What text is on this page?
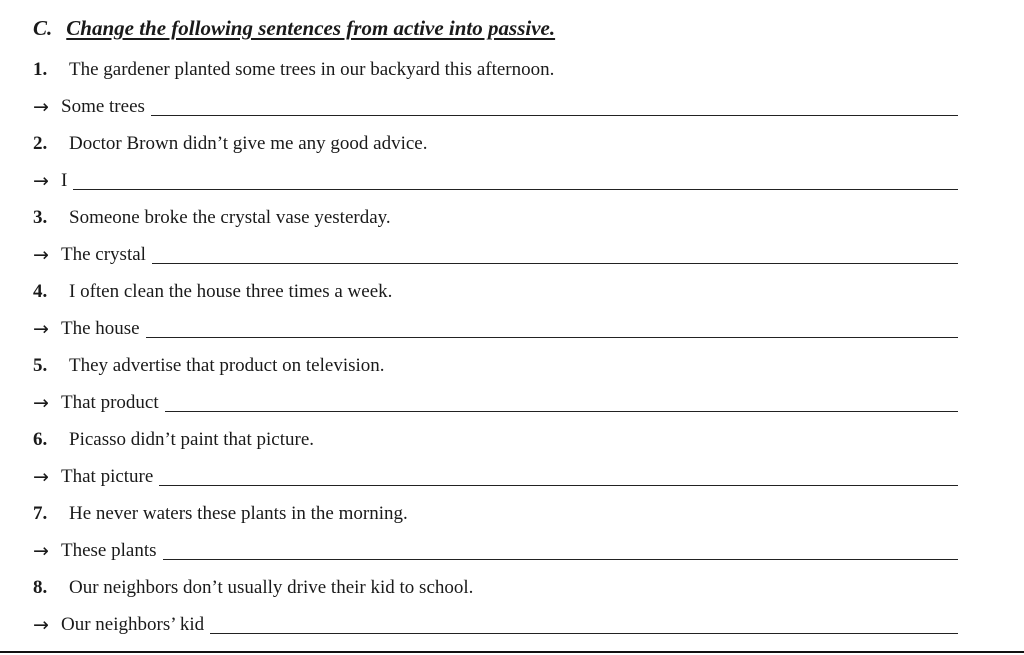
C. Change the following sentences from active into passive.
1.	The gardener planted some trees in our backyard this afternoon.
→ Some trees
2.	Doctor Brown didn’t give me any good advice.
→ I
3.	Someone broke the crystal vase yesterday.
→ The crystal
4.	I often clean the house three times a week.
→ The house
5.	They advertise that product on television.
→ That product
6.	Picasso didn’t paint that picture.
→ That picture
7.	He never waters these plants in the morning.
→ These plants
8.	Our neighbors don’t usually drive their kid to school.
→ Our neighbors’ kid
